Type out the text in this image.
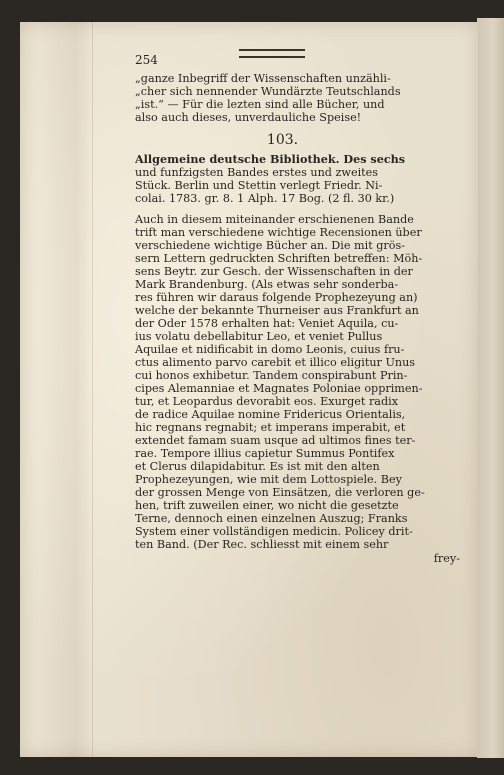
254
„ganze Inbegriff der Wissenschaften unzähli-
„cher sich nennender Wundärzte Teutschlands
„ist.“ — Für die lezten sind alle Bücher, und
also auch dieses, unverdauliche Speise!
103.
Allgemeine deutsche Bibliothek. Des sechs
und funfzigsten Bandes erstes und zweites
Stück. Berlin und Stettin verlegt Friedr. Ni-
colai. 1783. gr. 8. 1 Alph. 17 Bog. (2 fl. 30 kr.)
Auch in diesem miteinander erschienenen Bande
trift man verschiedene wichtige Recensionen über
verschiedene wichtige Bücher an. Die mit grös-
sern Lettern gedruckten Schriften betreffen: Möh-
sens Beytr. zur Gesch. der Wissenschaften in der
Mark Brandenburg. (Als etwas sehr sonderba-
res führen wir daraus folgende Prophezeyung an)
welche der bekannte Thurneiser aus Frankfurt an
der Oder 1578 erhalten hat: Veniet Aquila, cu-
ius volatu debellabitur Leo, et veniet Pullus
Aquilae et nidificabit in domo Leonis, cuius fru-
ctus alimento parvo carebit et illico eligitur Unus
cui honos exhibetur. Tandem conspirabunt Prin-
cipes Alemanniae et Magnates Poloniae opprimen-
tur, et Leopardus devorabit eos. Exurget radix
de radice Aquilae nomine Fridericus Orientalis,
hic regnans regnabit; et imperans imperabit, et
extendet famam suam usque ad ultimos fines ter-
rae. Tempore illius capietur Summus Pontifex
et Clerus dilapidabitur. Es ist mit den alten
Prophezeyungen, wie mit dem Lottospiele. Bey
der grossen Menge von Einsätzen, die verloren ge-
hen, trift zuweilen einer, wo nicht die gesetzte
Terne, dennoch einen einzelnen Auszug; Franks
System einer vollständigen medicin. Policey drit-
ten Band. (Der Rec. schliesst mit einem sehr
frey-
